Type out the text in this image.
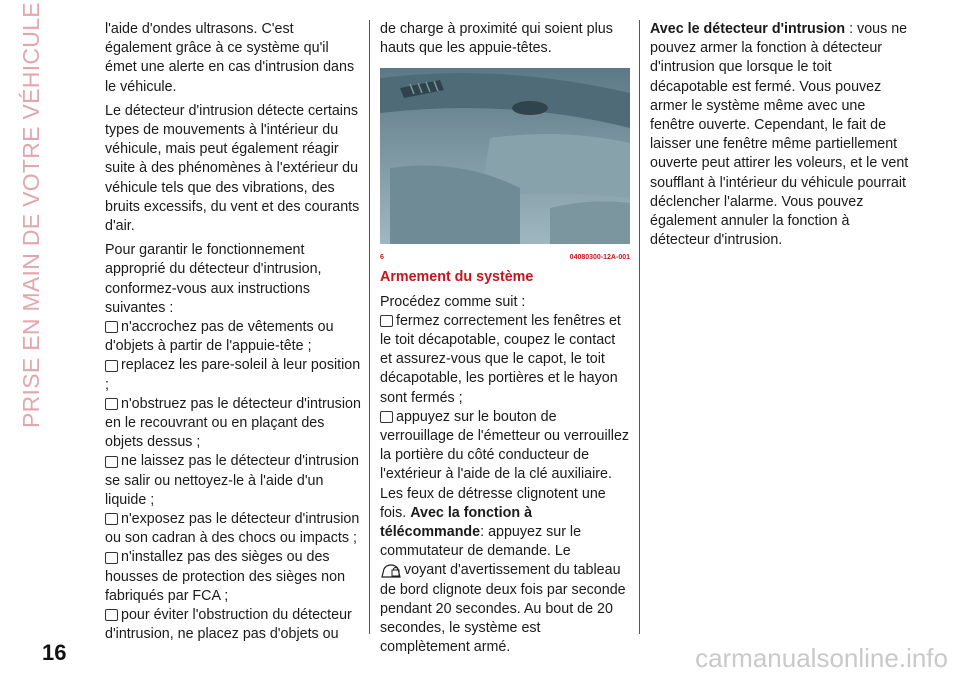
PRISE EN MAIN DE VOTRE VÉHICULE	l'aide d'ondes ultrasons. C'est également grâce à ce système qu'il émet une alerte en cas d'intrusion dans le véhicule.

Le détecteur d'intrusion détecte certains types de mouvements à l'intérieur du véhicule, mais peut également réagir suite à des phénomènes à l'extérieur du véhicule tels que des vibrations, des bruits excessifs, du vent et des courants d'air.

Pour garantir le fonctionnement approprié du détecteur d'intrusion, conformez-vous aux instructions suivantes :

n'accrochez pas de vêtements ou d'objets à partir de l'appuie-tête ;
replacez les pare-soleil à leur position ;
n'obstruez pas le détecteur d'intrusion en le recouvrant ou en plaçant des objets dessus ;
ne laissez pas le détecteur d'intrusion se salir ou nettoyez-le à l'aide d'un liquide ;
n'exposez pas le détecteur d'intrusion ou son cadran à des chocs ou impacts ;
n'installez pas des sièges ou des housses de protection des sièges non fabriqués par FCA ;
pour éviter l'obstruction du détecteur d'intrusion, ne placez pas d'objets ou

de charge à proximité qui soient plus hauts que les appuie-têtes.

6	04080300-12A-001

Armement du système

Procédez comme suit :

fermez correctement les fenêtres et le toit décapotable, coupez le contact et assurez-vous que le capot, le toit décapotable, les portières et le hayon sont fermés ;
appuyez sur le bouton de verrouillage de l'émetteur ou verrouillez la portière du côté conducteur de l'extérieur à l'aide de la clé auxiliaire. Les feux de détresse clignotent une fois. Avec la fonction à télécommande: appuyez sur le commutateur de demande. Le
voyant d'avertissement du tableau de bord clignote deux fois par seconde pendant 20 secondes. Au bout de 20 secondes, le système est complètement armé.

Avec le détecteur d'intrusion : vous ne pouvez armer la fonction à détecteur d'intrusion que lorsque le toit décapotable est fermé. Vous pouvez armer le système même avec une fenêtre ouverte. Cependant, le fait de laisser une fenêtre même partiellement ouverte peut attirer les voleurs, et le vent soufflant à l'intérieur du véhicule pourrait déclencher l'alarme. Vous pouvez également annuler la fonction à détecteur d'intrusion.

16	carmanualsonline.info
